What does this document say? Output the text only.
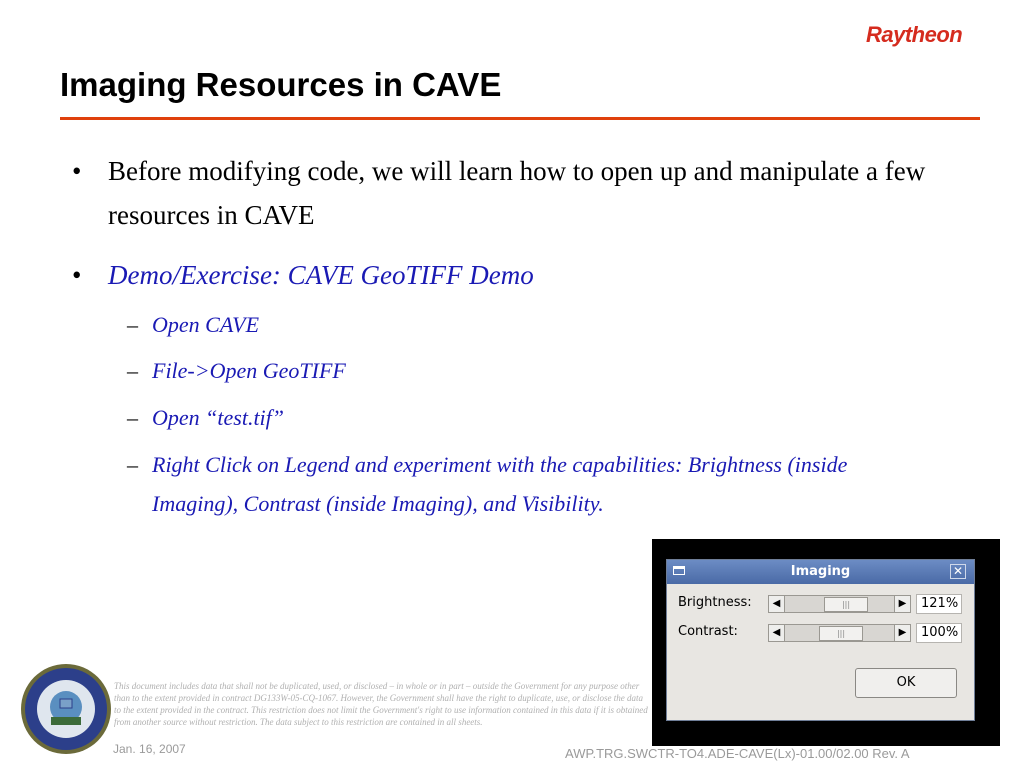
Raytheon
Imaging Resources in CAVE
• Before modifying code, we will learn how to open up and manipulate a few resources in CAVE
• Demo/Exercise: CAVE GeoTIFF Demo
– Open CAVE
– File->Open GeoTIFF
– Open “test.tif”
– Right Click on Legend and experiment with the capabilities: Brightness (inside Imaging), Contrast (inside Imaging), and Visibility.
Imaging	✕
Brightness:	◀	|||	▶	121%
Contrast:	◀	|||	▶	100%
OK
This document includes data that shall not be duplicated, used, or disclosed – in whole or in part – outside the Government for any purpose other than to the extent provided in contract DG133W-05-CQ-1067. However, the Government shall have the right to duplicate, use, or disclose the data to the extent provided in the contract. This restriction does not limit the Government's right to use information contained in this data if it is obtained from another source without restriction. The data subject to this restriction are contained in all sheets.
Jan. 16, 2007	AWP.TRG.SWCTR-TO4.ADE-CAVE(Lx)-01.00/02.00 Rev. A
